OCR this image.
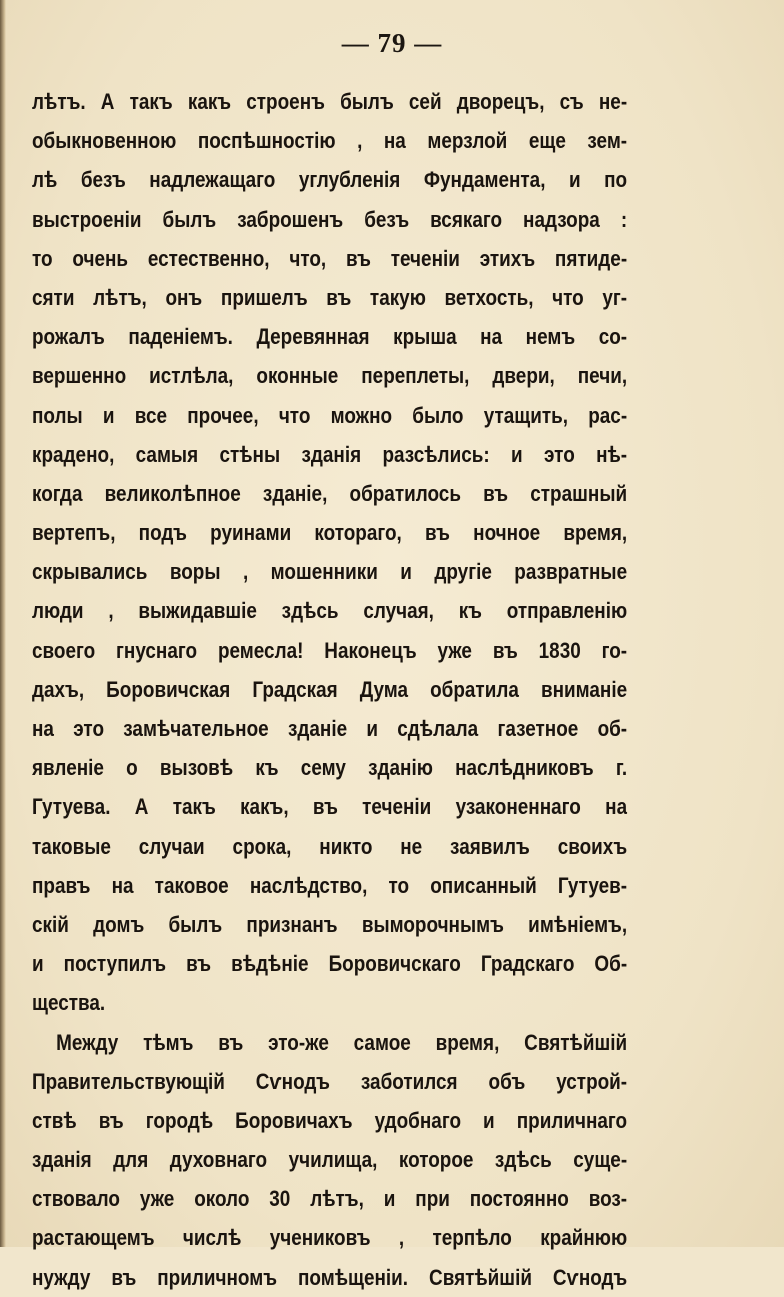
— 79 —
лѣтъ. А такъ какъ строенъ былъ сей дворецъ, съ не-
обыкновенною поспѣшностію , на мерзлой еще зем-
лѣ безъ надлежащаго углубленія Фундамента, и по
выстроеніи былъ заброшенъ безъ всякаго надзора :
то очень естественно, что, въ теченіи этихъ пятиде-
сяти лѣтъ, онъ пришелъ въ такую ветхость, что уг-
рожалъ паденіемъ. Деревянная крыша на немъ со-
вершенно истлѣла, оконные переплеты, двери, печи,
полы и все прочее, что можно было утащить, рас-
крадено, самыя стѣны зданія разсѣлись: и это нѣ-
когда великолѣпное зданіе, обратилось въ страшный
вертепъ, подъ руинами котораго, въ ночное время,
скрывались воры , мошенники и другіе развратные
люди , выжидавшіе здѣсь случая, къ отправленію
своего гнуснаго ремесла! Наконецъ уже въ 1830 го-
дахъ, Боровичская Градская Дума обратила вниманіе
на это замѣчательное зданіе и сдѣлала газетное об-
явленіе о вызовѣ къ сему зданію наслѣдниковъ г.
Гутуева. А такъ какъ, въ теченіи узаконеннаго на
таковые случаи срока, никто не заявилъ своихъ
правъ на таковое наслѣдство, то описанный Гутуев-
скій домъ былъ признанъ выморочнымъ имѣніемъ,
и поступилъ въ вѣдѣніе Боровичскаго Градскаго Об-
щества.
Между тѣмъ въ это-же самое время, Святѣйшій
Правительствующій Сѵнодъ заботился объ устрой-
ствѣ въ городѣ Боровичахъ удобнаго и приличнаго
зданія для духовнаго училища, которое здѣсь суще-
ствовало уже около 30 лѣтъ, и при постоянно воз-
растающемъ числѣ учениковъ , терпѣло крайнюю
нужду въ приличномъ помѣщеніи. Святѣйшій Сѵнодъ
